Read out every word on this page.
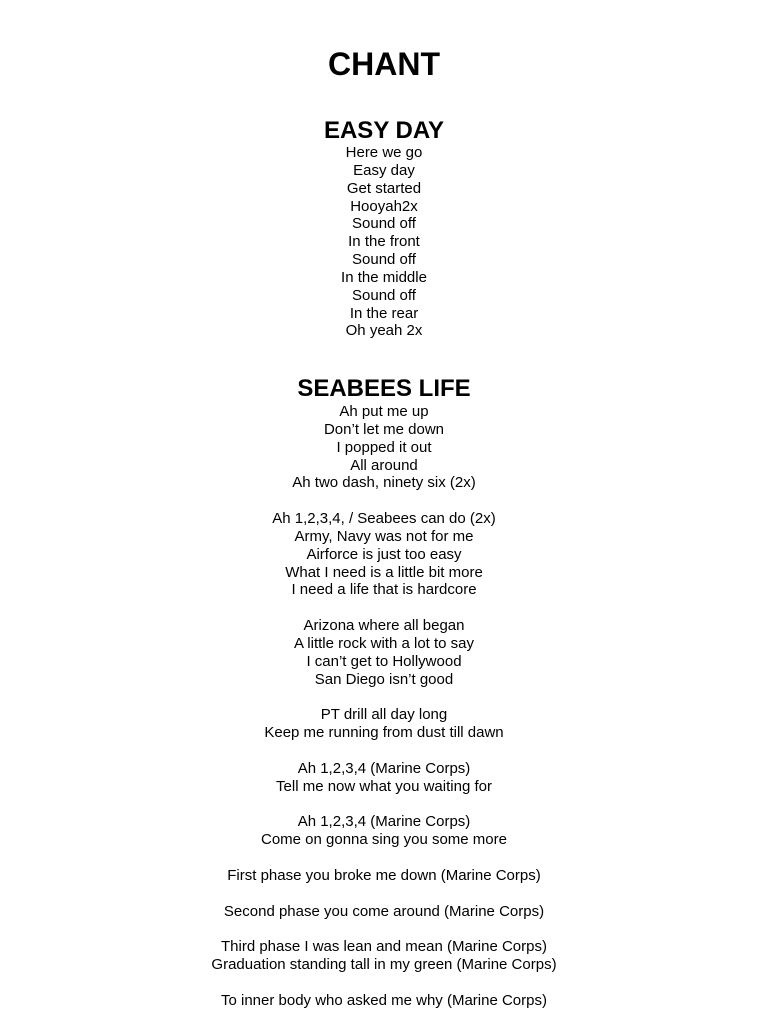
CHANT
EASY DAY
Here we go
Easy day
Get started
Hooyah2x
Sound off
In the front
Sound off
In the middle
Sound off
In the rear
Oh yeah 2x
SEABEES LIFE
Ah put me up
Don’t let me down
I popped it out
All around
Ah two dash, ninety six (2x)
Ah 1,2,3,4, / Seabees can do (2x)
Army, Navy was not for me
Airforce is just too easy
What I need is a little bit more
I need a life that is hardcore
Arizona where all began
A little rock with a lot to say
I can’t get to Hollywood
San Diego isn’t good
PT drill all day long
Keep me running from dust till dawn
Ah 1,2,3,4 (Marine Corps)
Tell me now what you waiting for
Ah 1,2,3,4 (Marine Corps)
Come on gonna sing you some more
First phase you broke me down (Marine Corps)
Second phase you come around (Marine Corps)
Third phase I was lean and mean (Marine Corps)
Graduation standing tall in my green (Marine Corps)
To inner body who asked me why (Marine Corps)
